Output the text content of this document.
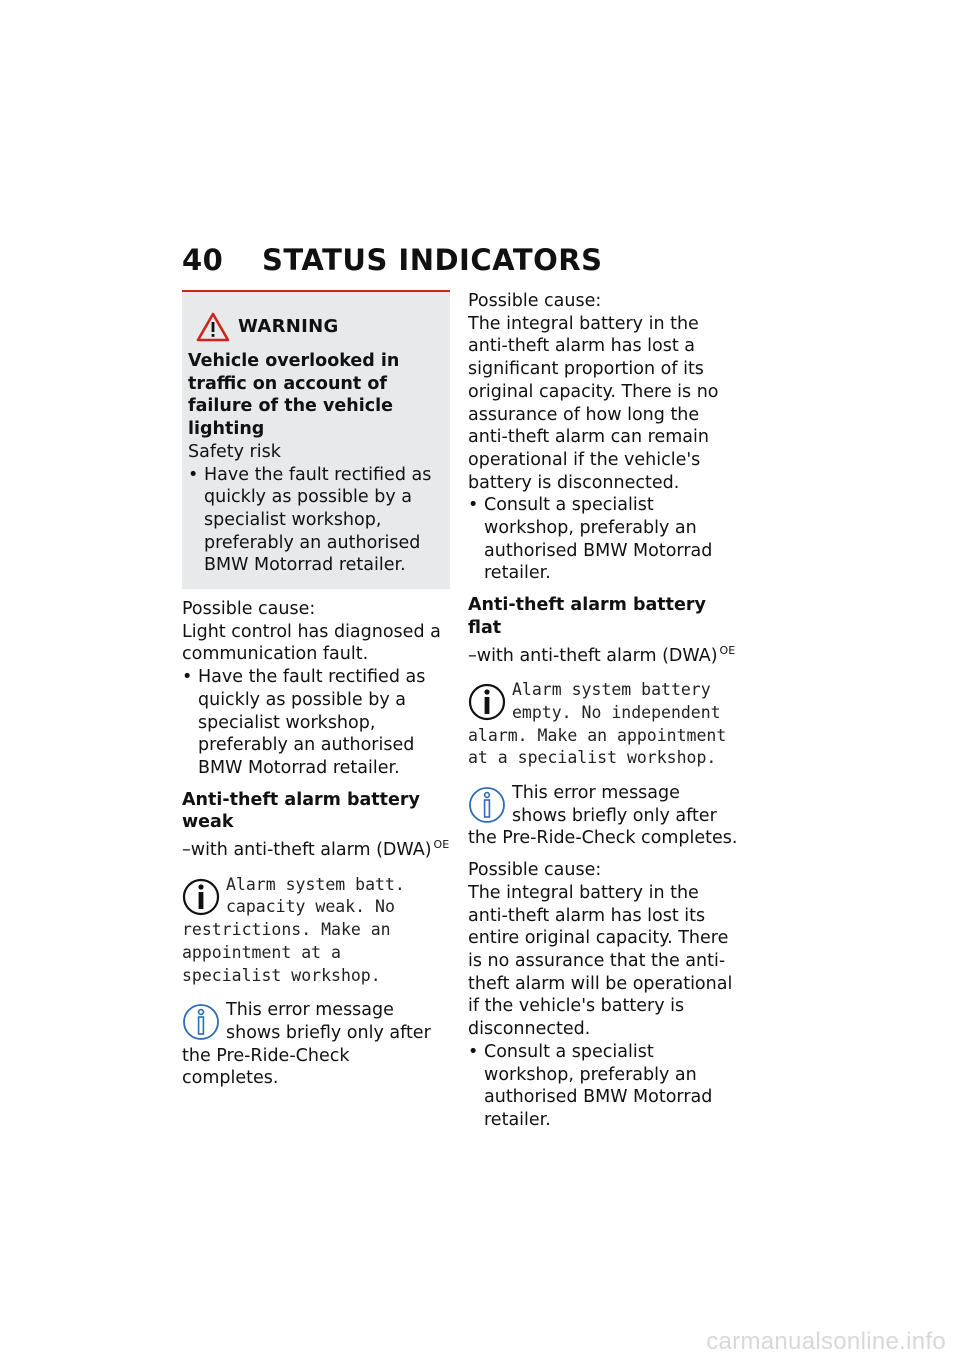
40 STATUS INDICATORS
WARNING

Vehicle overlooked in traffic on account of failure of the vehicle lighting

Safety risk

• Have the fault rectified as quickly as possible by a specialist workshop, preferably an authorised BMW Motorrad retailer.

Possible cause:

Light control has diagnosed a communication fault.

• Have the fault rectified as quickly as possible by a specialist workshop, preferably an authorised BMW Motorrad retailer.

Anti-theft alarm battery weak

–with anti-theft alarm (DWA) $^{OE}$

Alarm system batt. capacity weak. No restrictions. Make an appointment at a specialist workshop.
This error message shows briefly only after the Pre-Ride-Check completes.

Possible cause:

The integral battery in the anti-theft alarm has lost a significant proportion of its original capacity. There is no assurance of how long the anti-theft alarm can remain operational if the vehicle's battery is disconnected.

• Consult a specialist workshop, preferably an authorised BMW Motorrad retailer.

Anti-theft alarm battery flat

–with anti-theft alarm (DWA) $^{OE}$

Alarm system battery empty. No independent alarm. Make an appointment at a specialist workshop.
This error message shows briefly only after the Pre-Ride-Check completes.

Possible cause:

The integral battery in the anti-theft alarm has lost its entire original capacity. There is no assurance that the anti-theft alarm will be operational if the vehicle's battery is disconnected.

• Consult a specialist workshop, preferably an authorised BMW Motorrad retailer.

carmanualsonline.info
